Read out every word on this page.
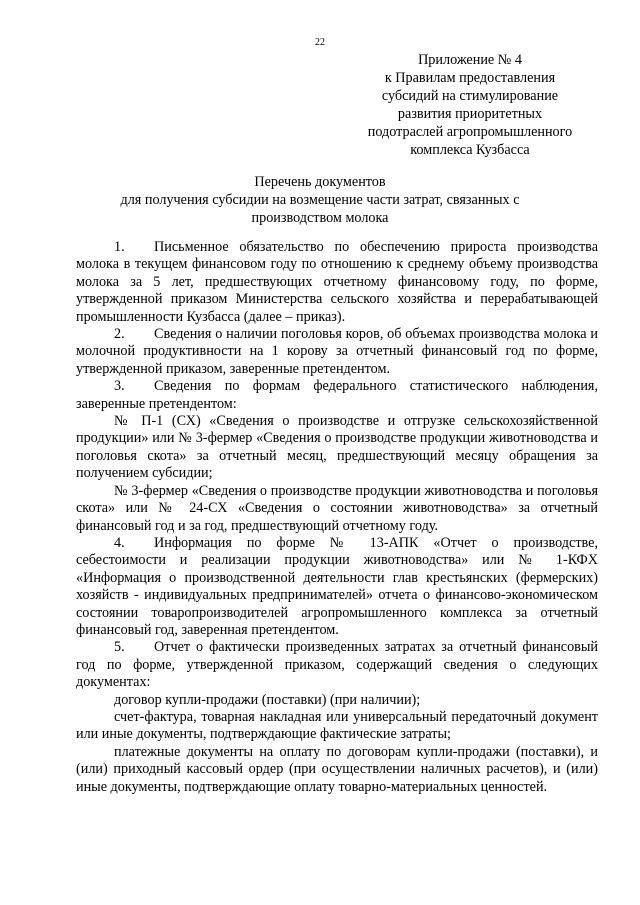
22
Приложение № 4
к Правилам предоставления
субсидий на стимулирование
развития приоритетных
подотраслей агропромышленного
комплекса Кузбасса
Перечень документов
для получения субсидии на возмещение части затрат, связанных с
производством молока

1. Письменное обязательство по обеспечению прироста производства молока в текущем финансовом году по отношению к среднему объему производства молока за 5 лет, предшествующих отчетному финансовому году, по форме, утвержденной приказом Министерства сельского хозяйства и перерабатывающей промышленности Кузбасса (далее – приказ).

2. Сведения о наличии поголовья коров, об объемах производства молока и молочной продуктивности на 1 корову за отчетный финансовый год по форме, утвержденной приказом, заверенные претендентом.

3. Сведения по формам федерального статистического наблюдения, заверенные претендентом:

№ П-1 (СХ) «Сведения о производстве и отгрузке сельскохозяйственной продукции» или № 3-фермер «Сведения о производстве продукции животноводства и поголовья скота» за отчетный месяц, предшествующий месяцу обращения за получением субсидии;

№ 3-фермер «Сведения о производстве продукции животноводства и поголовья скота» или № 24-СХ «Сведения о состоянии животноводства» за отчетный финансовый год и за год, предшествующий отчетному году.

4. Информация по форме № 13-АПК «Отчет о производстве, себестоимости и реализации продукции животноводства» или № 1-КФХ «Информация о производственной деятельности глав крестьянских (фермерских) хозяйств - индивидуальных предпринимателей» отчета о финансово-экономическом состоянии товаропроизводителей агропромышленного комплекса за отчетный финансовый год, заверенная претендентом.

5. Отчет о фактически произведенных затратах за отчетный финансовый год по форме, утвержденной приказом, содержащий сведения о следующих документах:

договор купли-продажи (поставки) (при наличии);

счет-фактура, товарная накладная или универсальный передаточный документ или иные документы, подтверждающие фактические затраты;

платежные документы на оплату по договорам купли-продажи (поставки), и (или) приходный кассовый ордер (при осуществлении наличных расчетов), и (или) иные документы, подтверждающие оплату товарно-материальных ценностей.
